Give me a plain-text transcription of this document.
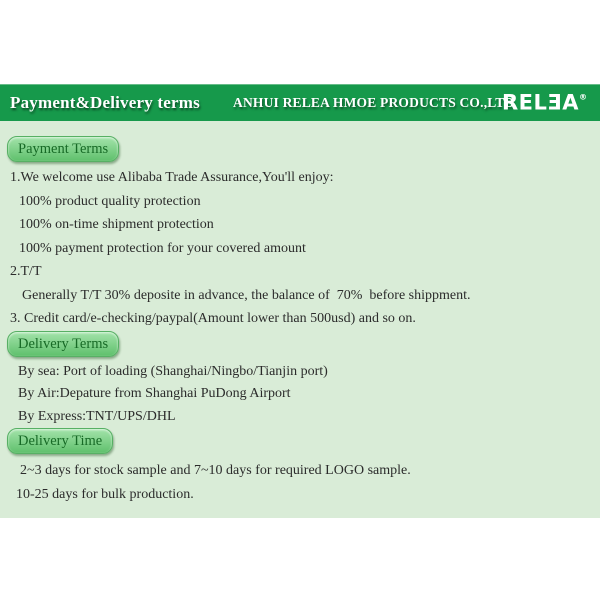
Payment&Delivery terms ANHUI RELEA HMOE PRODUCTS CO.,LTD
RELEA®
Payment Terms
1.We welcome use Alibaba Trade Assurance,You'll enjoy:
100% product quality protection
100% on-time shipment protection
100% payment protection for your covered amount
2.T/T
Generally T/T 30% deposite in advance, the balance of  70%  before shippment.
3. Credit card/e-checking/paypal(Amount lower than 500usd) and so on.
Delivery Terms
By sea: Port of loading (Shanghai/Ningbo/Tianjin port)
By Air:Depature from Shanghai PuDong Airport
By Express:TNT/UPS/DHL
Delivery Time
2~3 days for stock sample and 7~10 days for required LOGO sample.
10-25 days for bulk production.
